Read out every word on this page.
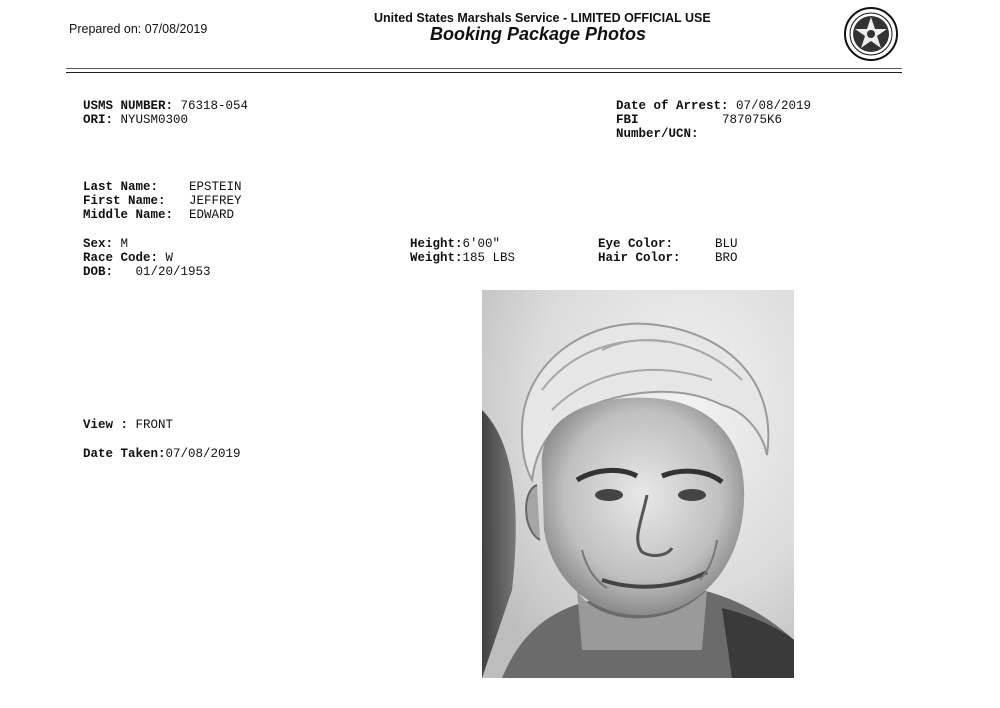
Prepared on: 07/08/2019
United States Marshals Service - LIMITED OFFICIAL USE
Booking Package Photos
USMS NUMBER: 76318-054
ORI: NYUSM0300
Date of Arrest: 07/08/2019
FBI	787075K6
Number/UCN:
Last Name: EPSTEIN
First Name: JEFFREY
Middle Name: EDWARD
Sex: M
Race Code: W
DOB: 01/20/1953
Height:6'00"
Weight:185 LBS
Eye Color:	BLU
Hair Color:	BRO
View : FRONT
Date Taken:07/08/2019
